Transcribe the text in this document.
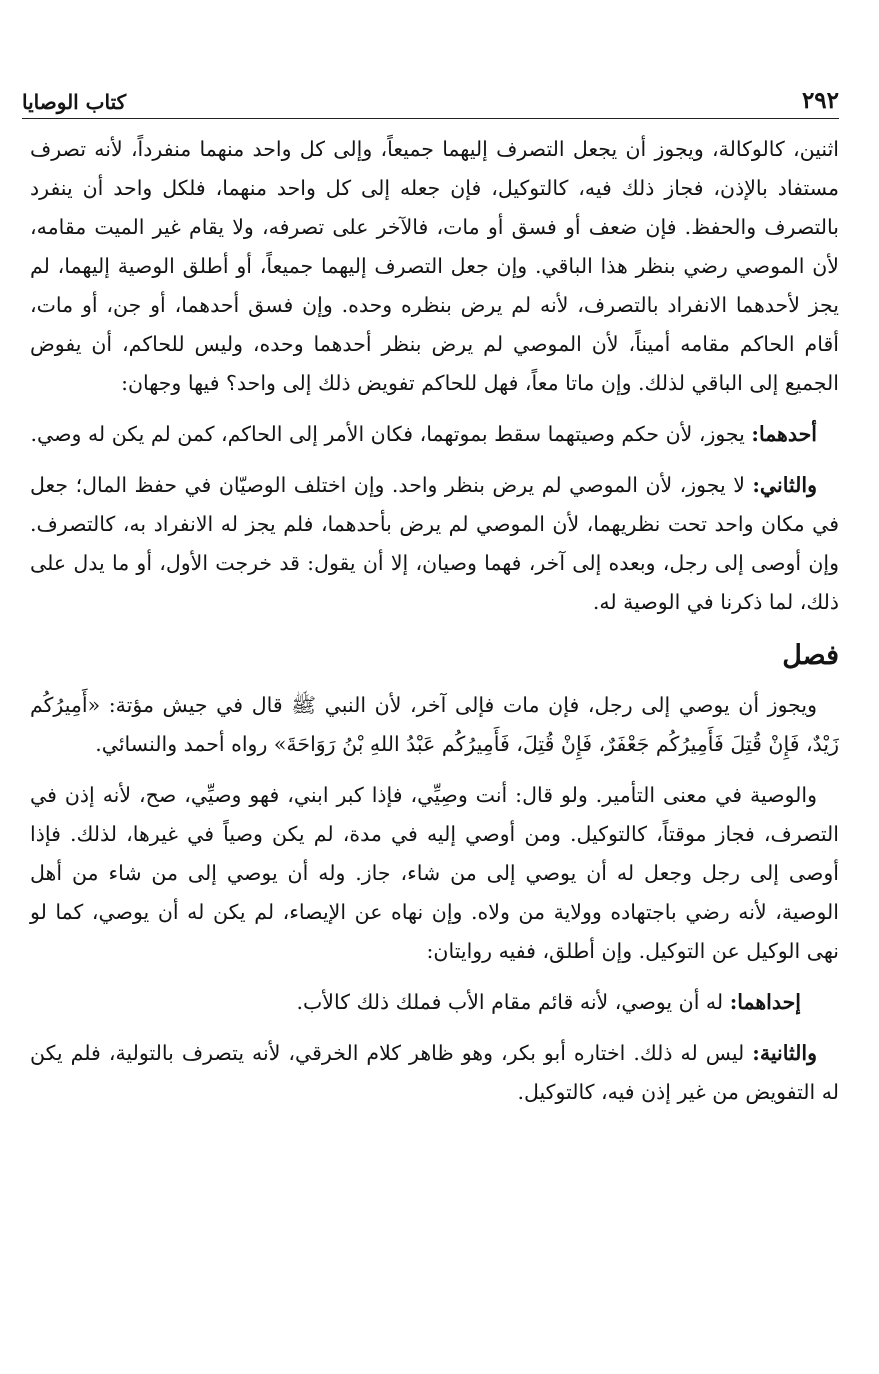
٢٩٢
كتاب الوصايا

اثنين، كالوكالة، ويجوز أن يجعل التصرف إليهما جميعاً، وإلى كل واحد منهما منفرداً، لأنه تصرف مستفاد بالإذن، فجاز ذلك فيه، كالتوكيل، فإن جعله إلى كل واحد منهما، فلكل واحد أن ينفرد بالتصرف والحفظ. فإن ضعف أو فسق أو مات، فالآخر على تصرفه، ولا يقام غير الميت مقامه، لأن الموصي رضي بنظر هذا الباقي. وإن جعل التصرف إليهما جميعاً، أو أطلق الوصية إليهما، لم يجز لأحدهما الانفراد بالتصرف، لأنه لم يرض بنظره وحده. وإن فسق أحدهما، أو جن، أو مات، أقام الحاكم مقامه أميناً، لأن الموصي لم يرض بنظر أحدهما وحده، وليس للحاكم، أن يفوض الجميع إلى الباقي لذلك. وإن ماتا معاً، فهل للحاكم تفويض ذلك إلى واحد؟ فيها وجهان:

أحدهما: يجوز، لأن حكم وصيتهما سقط بموتهما، فكان الأمر إلى الحاكم، كمن لم يكن له وصي.

والثاني: لا يجوز، لأن الموصي لم يرض بنظر واحد. وإن اختلف الوصيّان في حفظ المال؛ جعل في مكان واحد تحت نظريهما، لأن الموصي لم يرض بأحدهما، فلم يجز له الانفراد به، كالتصرف. وإن أوصى إلى رجل، وبعده إلى آخر، فهما وصيان، إلا أن يقول: قد خرجت الأول، أو ما يدل على ذلك، لما ذكرنا في الوصية له.

فصل

ويجوز أن يوصي إلى رجل، فإن مات فإلى آخر، لأن النبي ﷺ قال في جيش مؤتة: «أَمِيرُكُم زَيْدٌ، فَإِنْ قُتِلَ فَأَمِيرُكُم جَعْفَرٌ، فَإِنْ قُتِلَ، فَأَمِيرُكُم عَبْدُ اللهِ بْنُ رَوَاحَةَ» رواه أحمد والنسائي.

والوصية في معنى التأمير. ولو قال: أنت وصِيِّي، فإذا كبر ابني، فهو وصيِّي، صح، لأنه إذن في التصرف، فجاز موقتاً، كالتوكيل. ومن أوصي إليه في مدة، لم يكن وصياً في غيرها، لذلك. فإذا أوصى إلى رجل وجعل له أن يوصي إلى من شاء، جاز. وله أن يوصي إلى من شاء من أهل الوصية، لأنه رضي باجتهاده وولاية من ولاه. وإن نهاه عن الإيصاء، لم يكن له أن يوصي، كما لو نهى الوكيل عن التوكيل. وإن أطلق، ففيه روايتان:

إحداهما: له أن يوصي، لأنه قائم مقام الأب فملك ذلك كالأب.

والثانية: ليس له ذلك. اختاره أبو بكر، وهو ظاهر كلام الخرقي، لأنه يتصرف بالتولية، فلم يكن له التفويض من غير إذن فيه، كالتوكيل.
